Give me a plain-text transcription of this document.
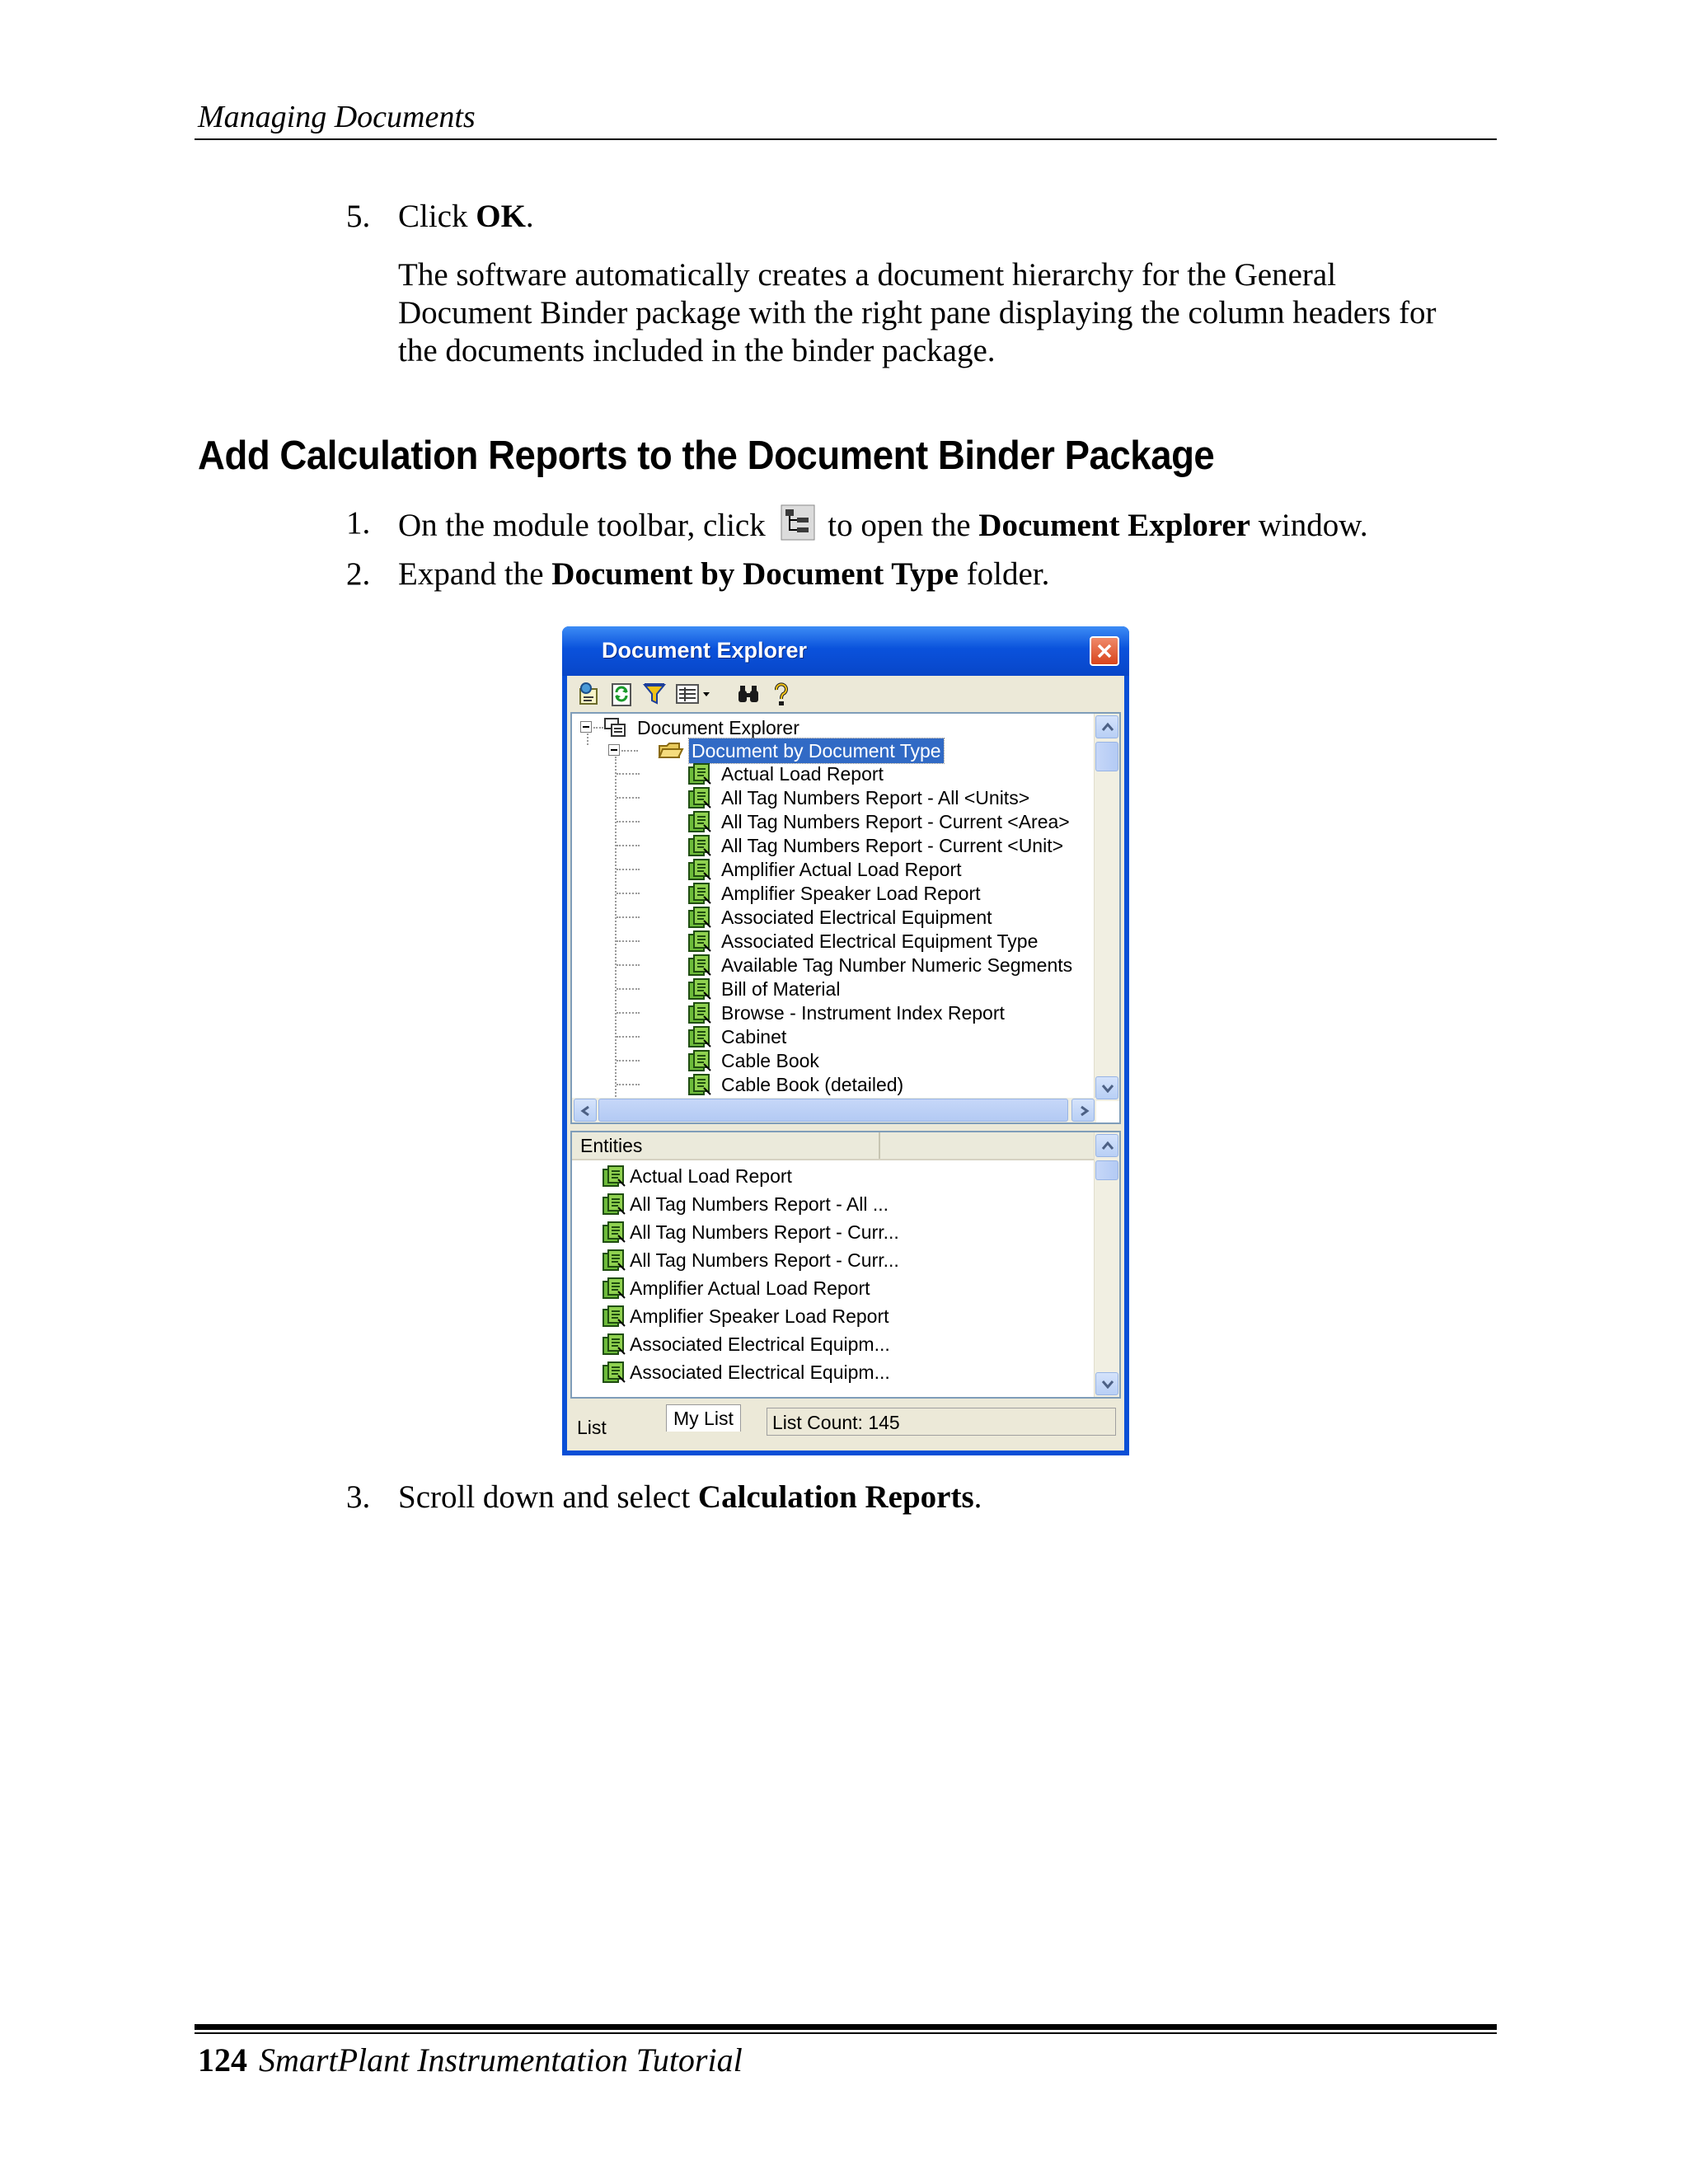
Managing Documents
5. Click OK.
The software automatically creates a document hierarchy for the General
Document Binder package with the right pane displaying the column headers for
the documents included in the binder package.
Add Calculation Reports to the Document Binder Package
1. On the module toolbar, click  to open the Document Explorer window.
2. Expand the Document by Document Type folder.
Document Explorer
Document Explorer
Document by Document Type
Actual Load Report
All Tag Numbers Report - All <Units>
All Tag Numbers Report - Current <Area>
All Tag Numbers Report - Current <Unit>
Amplifier Actual Load Report
Amplifier Speaker Load Report
Associated Electrical Equipment
Associated Electrical Equipment Type
Available Tag Number Numeric Segments
Bill of Material
Browse - Instrument Index Report
Cabinet
Cable Book
Cable Book (detailed)
Entities
Actual Load Report
All Tag Numbers Report - All ...
All Tag Numbers Report - Curr...
All Tag Numbers Report - Curr...
Amplifier Actual Load Report
Amplifier Speaker Load Report
Associated Electrical Equipm...
Associated Electrical Equipm...
List	My List	List Count: 145
3. Scroll down and select Calculation Reports.
124 SmartPlant Instrumentation Tutorial
